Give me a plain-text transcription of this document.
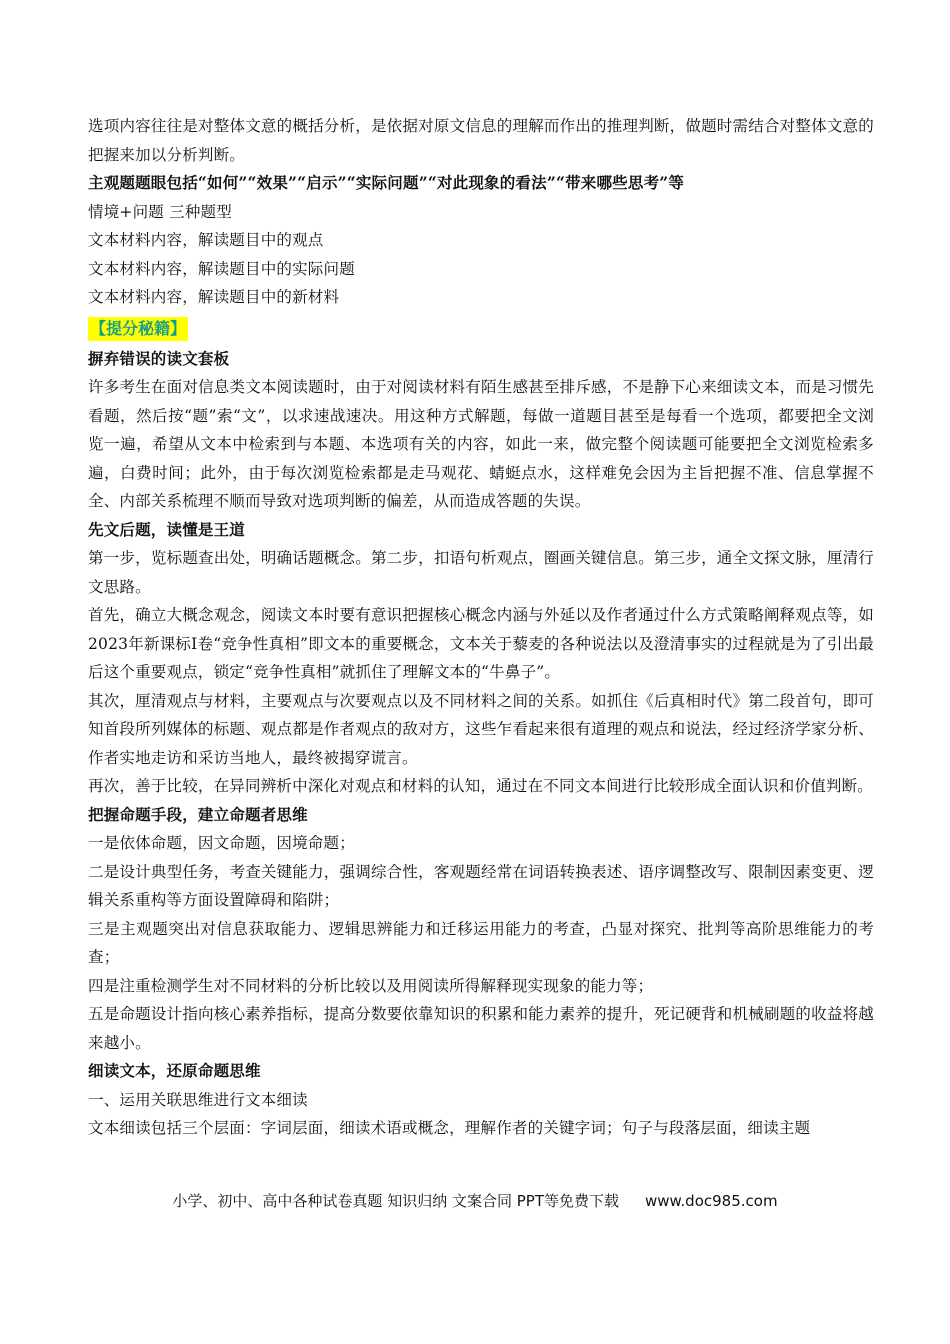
选项内容往往是对整体文意的概括分析，是依据对原文信息的理解而作出的推理判断，做题时需结合对整体文意的把握来加以分析判断。

主观题题眼包括“如何”“效果”“启示”“实际问题”“对此现象的看法”“带来哪些思考”等

情境+问题 三种题型

文本材料内容，解读题目中的观点

文本材料内容，解读题目中的实际问题

文本材料内容，解读题目中的新材料

【提分秘籍】

摒弃错误的读文套板

许多考生在面对信息类文本阅读题时，由于对阅读材料有陌生感甚至排斥感，不是静下心来细读文本，而是习惯先看题，然后按“题”索“文”，以求速战速决。用这种方式解题，每做一道题目甚至是每看一个选项，都要把全文浏览一遍，希望从文本中检索到与本题、本选项有关的内容，如此一来，做完整个阅读题可能要把全文浏览检索多遍，白费时间；此外，由于每次浏览检索都是走马观花、蜻蜓点水，这样难免会因为主旨把握不准、信息掌握不全、内部关系梳理不顺而导致对选项判断的偏差，从而造成答题的失误。

先文后题，读懂是王道

第一步，览标题查出处，明确话题概念。第二步，扣语句析观点，圈画关键信息。第三步，通全文探文脉，厘清行文思路。

首先，确立大概念观念，阅读文本时要有意识把握核心概念内涵与外延以及作者通过什么方式策略阐释观点等，如2023年新课标Ⅰ卷“竞争性真相”即文本的重要概念，文本关于藜麦的各种说法以及澄清事实的过程就是为了引出最后这个重要观点，锁定“竞争性真相”就抓住了理解文本的“牛鼻子”。

其次，厘清观点与材料，主要观点与次要观点以及不同材料之间的关系。如抓住《后真相时代》第二段首句，即可知首段所列媒体的标题、观点都是作者观点的敌对方，这些乍看起来很有道理的观点和说法，经过经济学家分析、作者实地走访和采访当地人，最终被揭穿谎言。

再次，善于比较，在异同辨析中深化对观点和材料的认知，通过在不同文本间进行比较形成全面认识和价值判断。

把握命题手段，建立命题者思维

一是依体命题，因文命题，因境命题；

二是设计典型任务，考查关键能力，强调综合性，客观题经常在词语转换表述、语序调整改写、限制因素变更、逻辑关系重构等方面设置障碍和陷阱；

三是主观题突出对信息获取能力、逻辑思辨能力和迁移运用能力的考查，凸显对探究、批判等高阶思维能力的考查；

四是注重检测学生对不同材料的分析比较以及用阅读所得解释现实现象的能力等；

五是命题设计指向核心素养指标，提高分数要依靠知识的积累和能力素养的提升，死记硬背和机械刷题的收益将越来越小。

细读文本，还原命题思维

一、运用关联思维进行文本细读

文本细读包括三个层面：字词层面，细读术语或概念，理解作者的关键字词；句子与段落层面，细读主题

小学、初中、高中各种试卷真题 知识归纳 文案合同 PPT等免费下载 www.doc985.com
